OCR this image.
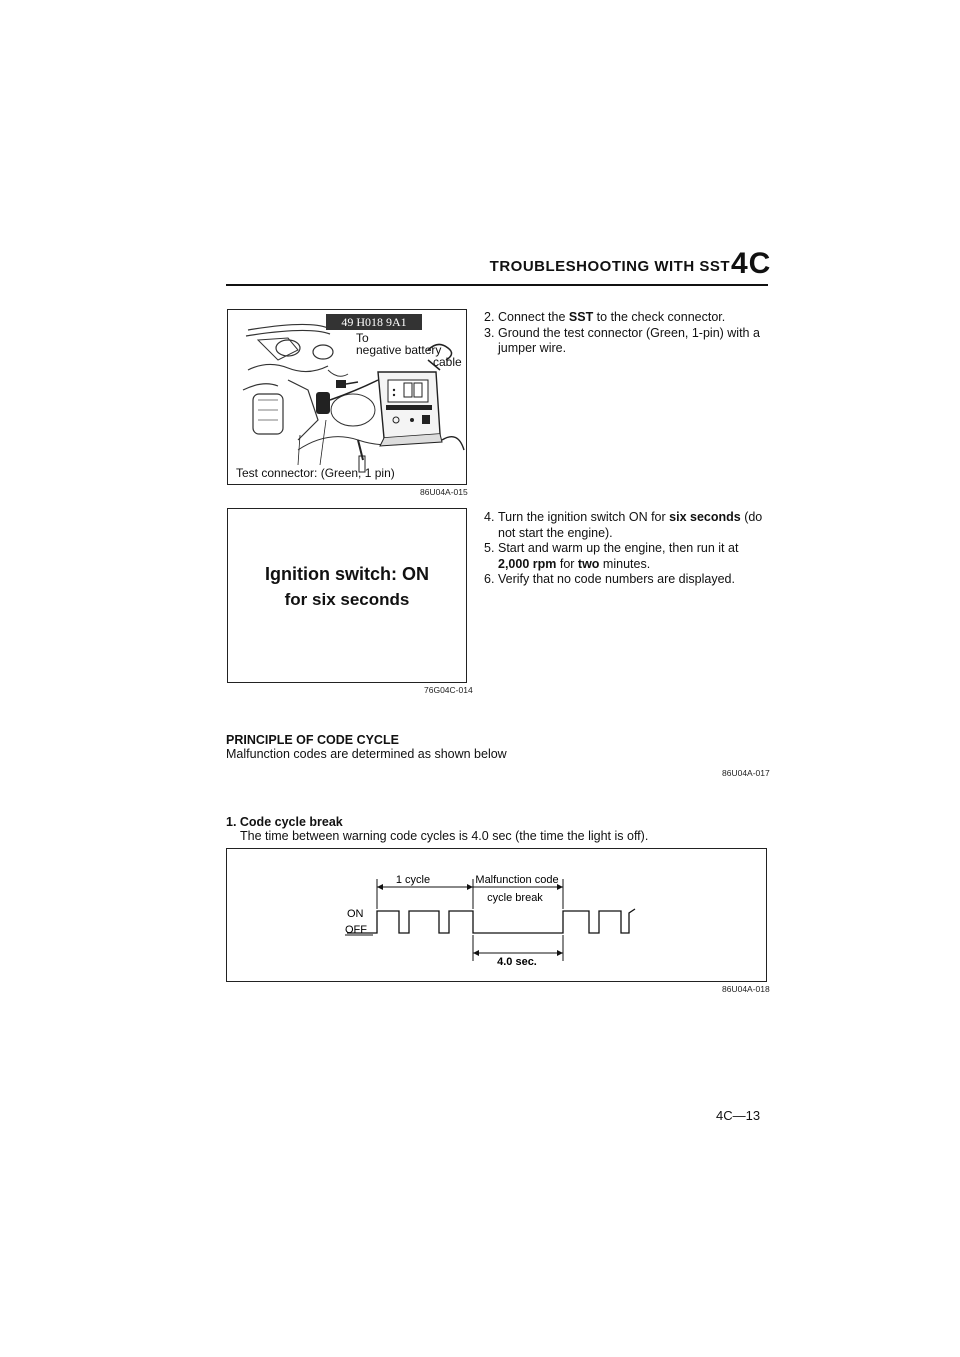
TROUBLESHOOTING WITH SST 4C
49 H018 9A1
To
negative battery
cable
Test connector: (Green, 1 pin)
86U04A-015

2. Connect the SST to the check connector.

3. Ground the test connector (Green, 1-pin) with a jumper wire.

Ignition switch: ON
for six seconds
76G04C-014

4. Turn the ignition switch ON for six seconds (do not start the engine).

5. Start and warm up the engine, then run it at 2,000 rpm for two minutes.

6. Verify that no code numbers are displayed.

PRINCIPLE OF CODE CYCLE
Malfunction codes are determined as shown below
86U04A-017
1. Code cycle break
The time between warning code cycles is 4.0 sec (the time the light is off).
1 cycle	Malfunction code
cycle break
ON
OFF
4.0 sec.
86U04A-018
4C—13
